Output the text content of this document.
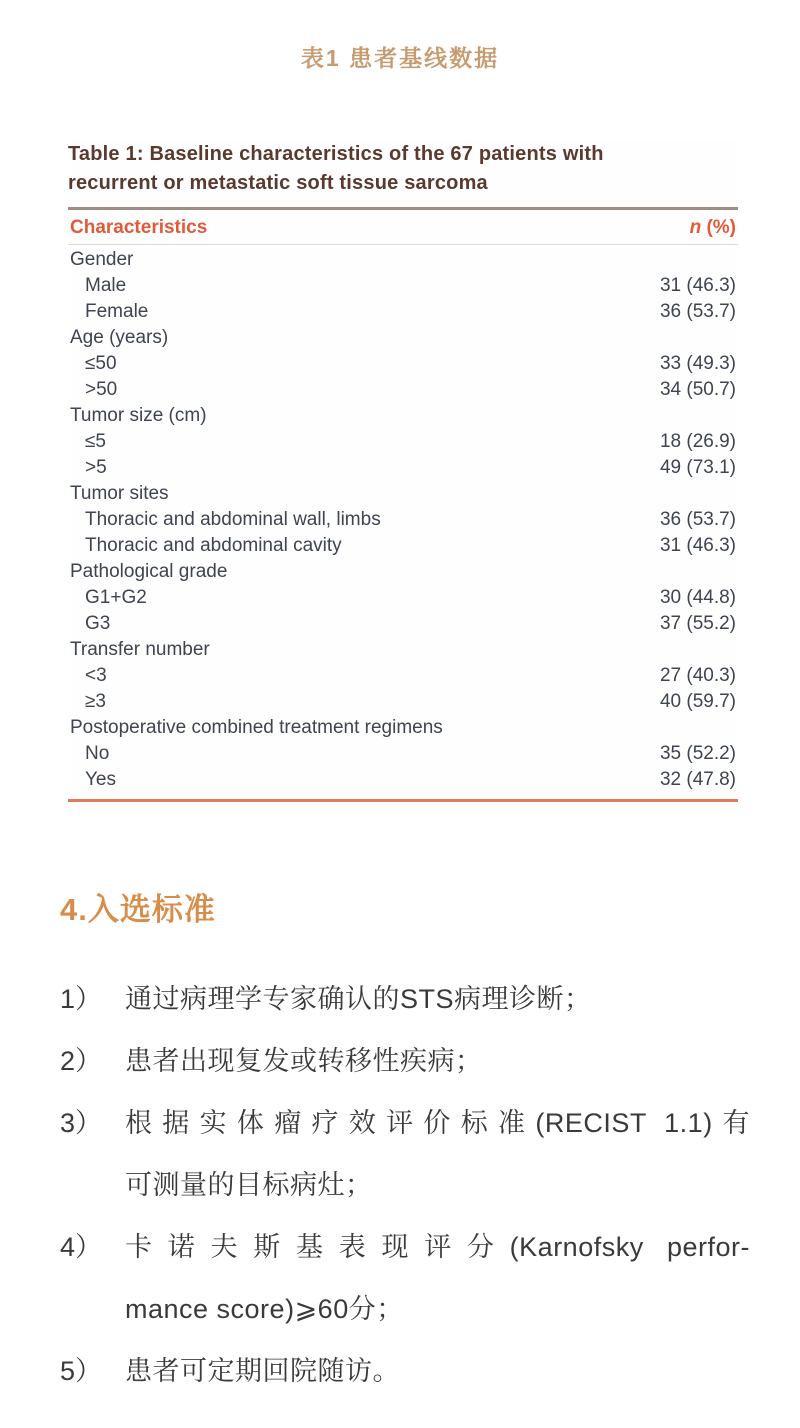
表1 患者基线数据
Table 1: Baseline characteristics of the 67 patients with
recurrent or metastatic soft tissue sarcoma
Characteristics	n (%)
Gender
Male	31 (46.3)
Female	36 (53.7)
Age (years)
≤50	33 (49.3)
>50	34 (50.7)
Tumor size (cm)
≤5	18 (26.9)
>5	49 (73.1)
Tumor sites
Thoracic and abdominal wall, limbs	36 (53.7)
Thoracic and abdominal cavity	31 (46.3)
Pathological grade
G1+G2	30 (44.8)
G3	37 (55.2)
Transfer number
<3	27 (40.3)
≥3	40 (59.7)
Postoperative combined treatment regimens
No	35 (52.2)
Yes	32 (47.8)
4.入选标准
1） 通过病理学专家确认的STS病理诊断；
2） 患者出现复发或转移性疾病；
3） 根据实体瘤疗效评价标准(RECIST 1.1)有
可测量的目标病灶；
4） 卡诺夫斯基表现评分(Karnofsky perfor-
mance score)⩾60分；
5） 患者可定期回院随访。
